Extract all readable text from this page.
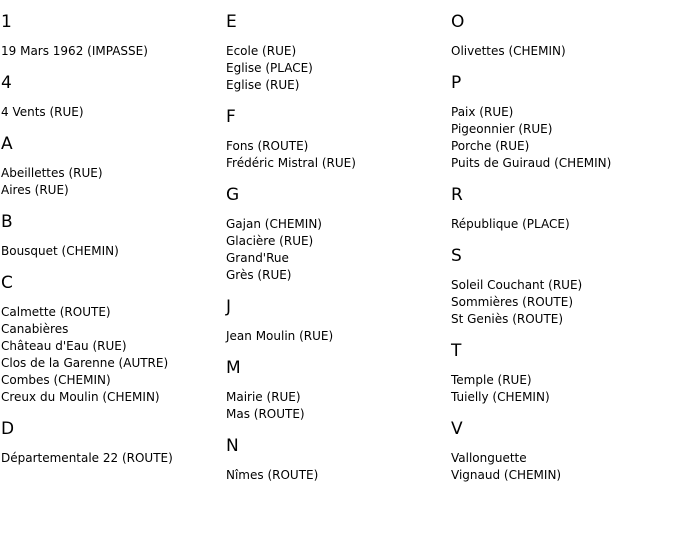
1
19 Mars 1962 (IMPASSE)
4
4 Vents (RUE)
A
Abeillettes (RUE)
Aires (RUE)
B
Bousquet (CHEMIN)
C
Calmette (ROUTE)
Canabières
Château d'Eau (RUE)
Clos de la Garenne (AUTRE)
Combes (CHEMIN)
Creux du Moulin (CHEMIN)
D
Départementale 22 (ROUTE)
E
Ecole (RUE)
Eglise (PLACE)
Eglise (RUE)
F
Fons (ROUTE)
Frédéric Mistral (RUE)
G
Gajan (CHEMIN)
Glacière (RUE)
Grand'Rue
Grès (RUE)
J
Jean Moulin (RUE)
M
Mairie (RUE)
Mas (ROUTE)
N
Nîmes (ROUTE)
O
Olivettes (CHEMIN)
P
Paix (RUE)
Pigeonnier (RUE)
Porche (RUE)
Puits de Guiraud (CHEMIN)
R
République (PLACE)
S
Soleil Couchant (RUE)
Sommières (ROUTE)
St Geniès (ROUTE)
T
Temple (RUE)
Tuielly (CHEMIN)
V
Vallonguette
Vignaud (CHEMIN)
